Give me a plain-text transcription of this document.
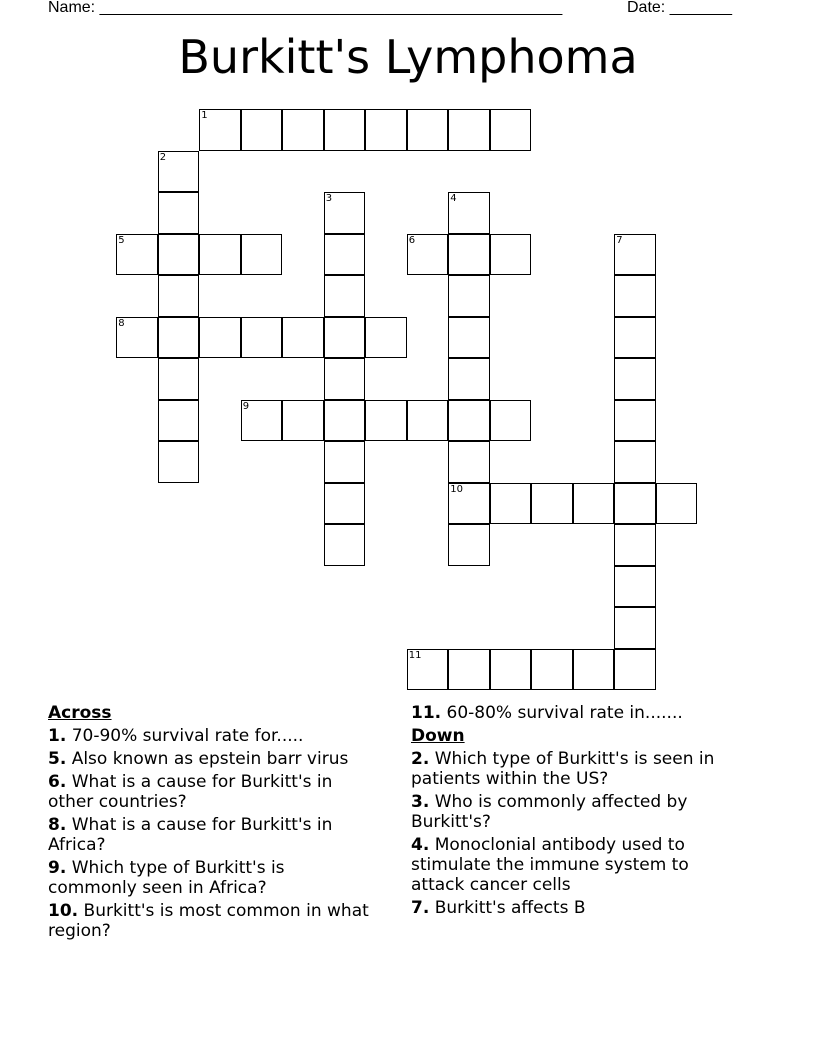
Name: ____________________________________________________	Date: _______
Burkitt's Lymphoma
1
5	6
8
9
10
11
2
3	4
7
Across
1. 70-90% survival rate for.....
5. Also known as epstein barr virus
6. What is a cause for Burkitt's in other countries?
8. What is a cause for Burkitt's in Africa?
9. Which type of Burkitt's is commonly seen in Africa?
10. Burkitt's is most common in what region?
11. 60-80% survival rate in.......
Down
2. Which type of Burkitt's is seen in patients within the US?
3. Who is commonly affected by Burkitt's?
4. Monoclonial antibody used to stimulate the immune system to attack cancer cells
7. Burkitt's affects B
